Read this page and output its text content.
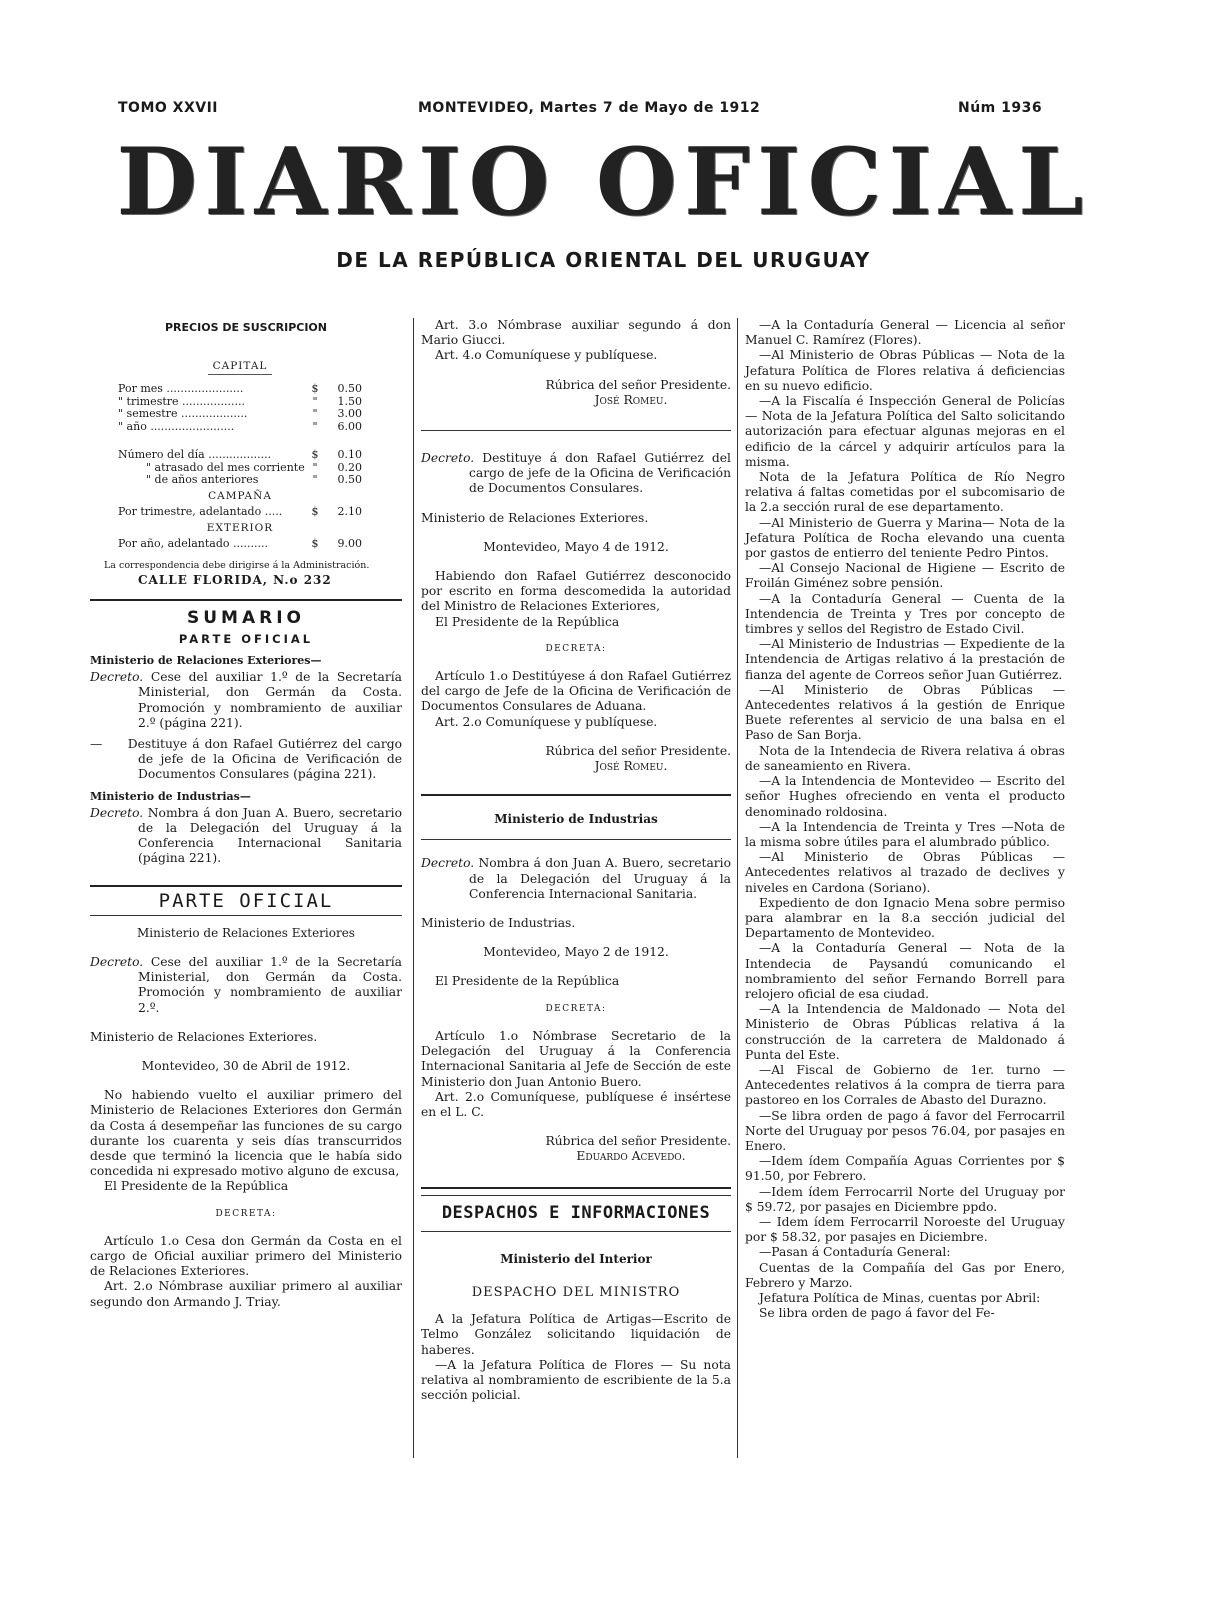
TOMO XXVII	MONTEVIDEO, Martes 7 de Mayo de 1912	Núm 1936
DIARIO OFICIAL
DE LA REPÚBLICA ORIENTAL DEL URUGUAY

PRECIOS DE SUSCRIPCION

CAPITAL

Por mes ......................	$	0.50
" trimestre ..................	"	1.50
" semestre ...................	"	3.00
" año ........................	"	6.00
Número del día ..................	$	0.10
" atrasado del mes corriente "	0.20
" de años anteriores	"	0.50

CAMPAÑA

Por trimestre, adelantado .....	$	2.10

EXTERIOR

Por año, adelantado ..........	$	9.00

La correspondencia debe dirigirse á la Administración.

CALLE FLORIDA, N.o 232

SUMARIO

PARTE OFICIAL

Ministerio de Relaciones Exteriores—

Decreto. Cese del auxiliar 1.º de la Secretaría Ministerial, don Germán da Costa. Promoción y nombramiento de auxiliar 2.º (página 221).

— Destituye á don Rafael Gutiérrez del cargo de jefe de la Oficina de Verificación de Documentos Consulares (página 221).

Ministerio de Industrias—

Decreto. Nombra á don Juan A. Buero, secretario de la Delegación del Uruguay á la Conferencia Internacional Sanitaria (página 221).

PARTE OFICIAL

Ministerio de Relaciones Exteriores

Decreto. Cese del auxiliar 1.º de la Secretaría Ministerial, don Germán da Costa. Promoción y nombramiento de auxiliar 2.º.

Ministerio de Relaciones Exteriores.

Montevideo, 30 de Abril de 1912.

No habiendo vuelto el auxiliar primero del Ministerio de Relaciones Exteriores don Germán da Costa á desempeñar las funciones de su cargo durante los cuarenta y seis días transcurridos desde que terminó la licencia que le había sido concedida ni expresado motivo alguno de excusa,

El Presidente de la República

DECRETA:

Artículo 1.o Cesa don Germán da Costa en el cargo de Oficial auxiliar primero del Ministerio de Relaciones Exteriores.

Art. 2.o Nómbrase auxiliar primero al auxiliar segundo don Armando J. Triay.

Art. 3.o Nómbrase auxiliar segundo á don Mario Giucci.

Art. 4.o Comuníquese y publíquese.

Rúbrica del señor Presidente.

José Romeu.

Decreto. Destituye á don Rafael Gutiérrez del cargo de jefe de la Oficina de Verificación de Documentos Consulares.

Ministerio de Relaciones Exteriores.

Montevideo, Mayo 4 de 1912.

Habiendo don Rafael Gutiérrez desconocido por escrito en forma descomedida la autoridad del Ministro de Relaciones Exteriores,

El Presidente de la República

DECRETA:

Artículo 1.o Destitúyese á don Rafael Gutiérrez del cargo de Jefe de la Oficina de Verificación de Documentos Consulares de Aduana.

Art. 2.o Comuníquese y publíquese.

Rúbrica del señor Presidente.

José Romeu.

Ministerio de Industrias

Decreto. Nombra á don Juan A. Buero, secretario de la Delegación del Uruguay á la Conferencia Internacional Sanitaria.

Ministerio de Industrias.

Montevideo, Mayo 2 de 1912.

El Presidente de la República

DECRETA:

Artículo 1.o Nómbrase Secretario de la Delegación del Uruguay á la Conferencia Internacional Sanitaria al Jefe de Sección de este Ministerio don Juan Antonio Buero.

Art. 2.o Comuníquese, publíquese é insértese en el L. C.

Rúbrica del señor Presidente.

Eduardo Acevedo.

DESPACHOS E INFORMACIONES

Ministerio del Interior

DESPACHO DEL MINISTRO

A la Jefatura Política de Artigas—Escrito de Telmo González solicitando liquidación de haberes.

—A la Jefatura Política de Flores — Su nota relativa al nombramiento de escribiente de la 5.a sección policial.

—A la Contaduría General — Licencia al señor Manuel C. Ramírez (Flores).

—Al Ministerio de Obras Públicas — Nota de la Jefatura Política de Flores relativa á deficiencias en su nuevo edificio.

—A la Fiscalía é Inspección General de Policías — Nota de la Jefatura Política del Salto solicitando autorización para efectuar algunas mejoras en el edificio de la cárcel y adquirir artículos para la misma.

Nota de la Jefatura Política de Río Negro relativa á faltas cometidas por el subcomisario de la 2.a sección rural de ese departamento.

—Al Ministerio de Guerra y Marina— Nota de la Jefatura Política de Rocha elevando una cuenta por gastos de entierro del teniente Pedro Pintos.

—Al Consejo Nacional de Higiene — Escrito de Froilán Giménez sobre pensión.

—A la Contaduría General — Cuenta de la Intendencia de Treinta y Tres por concepto de timbres y sellos del Registro de Estado Civil.

—Al Ministerio de Industrias — Expediente de la Intendencia de Artigas relativo á la prestación de fianza del agente de Correos señor Juan Gutiérrez.

—Al Ministerio de Obras Públicas — Antecedentes relativos á la gestión de Enrique Buete referentes al servicio de una balsa en el Paso de San Borja.

Nota de la Intendecia de Rivera relativa á obras de saneamiento en Rivera.

—A la Intendencia de Montevideo — Escrito del señor Hughes ofreciendo en venta el producto denominado roldosina.

—A la Intendencia de Treinta y Tres —Nota de la misma sobre útiles para el alumbrado público.

—Al Ministerio de Obras Públicas — Antecedentes relativos al trazado de declives y niveles en Cardona (Soriano).

Expediento de don Ignacio Mena sobre permiso para alambrar en la 8.a sección judicial del Departamento de Montevideo.

—A la Contaduría General — Nota de la Intendecia de Paysandú comunicando el nombramiento del señor Fernando Borrell para relojero oficial de esa ciudad.

—A la Intendencia de Maldonado — Nota del Ministerio de Obras Públicas relativa á la construcción de la carretera de Maldonado á Punta del Este.

—Al Fiscal de Gobierno de 1er. turno —Antecedentes relativos á la compra de tierra para pastoreo en los Corrales de Abasto del Durazno.

—Se libra orden de pago á favor del Ferrocarril Norte del Uruguay por pesos 76.04, por pasajes en Enero.

—Idem ídem Compañía Aguas Corrientes por $ 91.50, por Febrero.

—Idem ídem Ferrocarril Norte del Uruguay por $ 59.72, por pasajes en Diciembre ppdo.

— Idem ídem Ferrocarril Noroeste del Uruguay por $ 58.32, por pasajes en Diciembre.

—Pasan á Contaduría General:

Cuentas de la Compañía del Gas por Enero, Febrero y Marzo.

Jefatura Política de Minas, cuentas por Abril:

Se libra orden de pago á favor del Fe-
